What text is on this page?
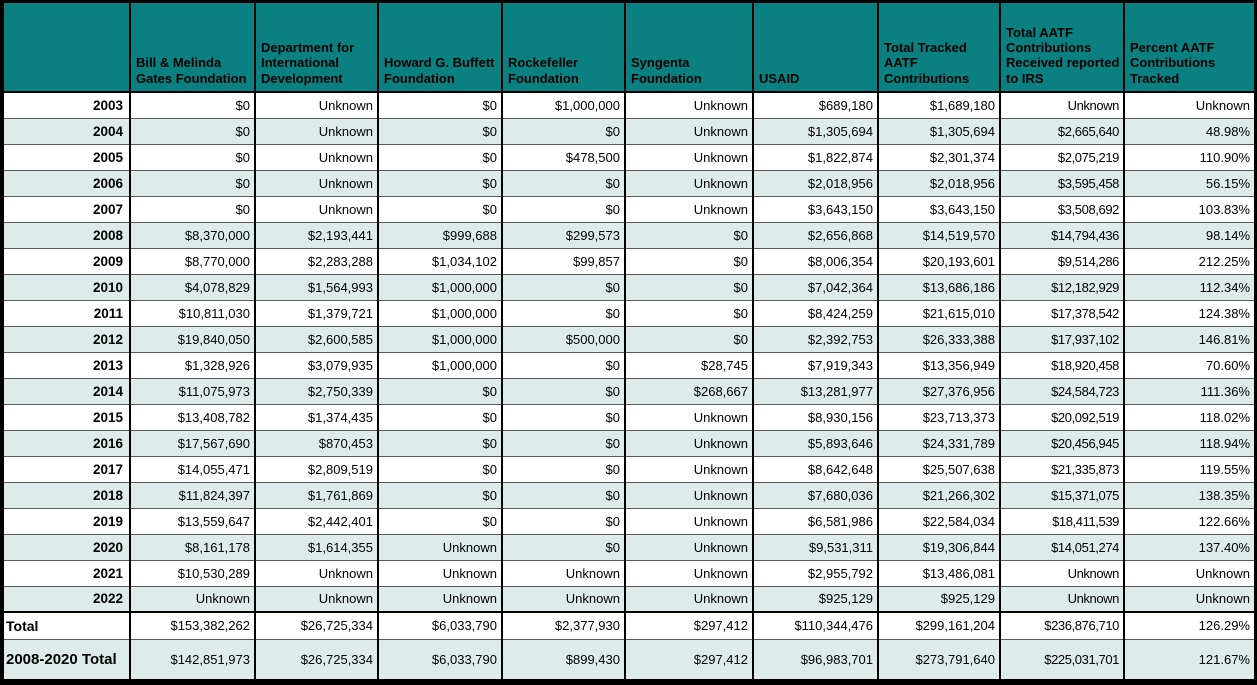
	Bill & Melinda Gates Foundation	Department for International Development	Howard G. Buffett Foundation	Rockefeller Foundation	Syngenta Foundation	USAID	Total Tracked AATF Contributions	Total AATF Contributions Received reported to IRS	Percent AATF Contributions Tracked
2003	$0	Unknown	$0	$1,000,000	Unknown	$689,180	$1,689,180	Unknown	Unknown
2004	$0	Unknown	$0	$0	Unknown	$1,305,694	$1,305,694	$2,665,640	48.98%
2005	$0	Unknown	$0	$478,500	Unknown	$1,822,874	$2,301,374	$2,075,219	110.90%
2006	$0	Unknown	$0	$0	Unknown	$2,018,956	$2,018,956	$3,595,458	56.15%
2007	$0	Unknown	$0	$0	Unknown	$3,643,150	$3,643,150	$3,508,692	103.83%
2008	$8,370,000	$2,193,441	$999,688	$299,573	$0	$2,656,868	$14,519,570	$14,794,436	98.14%
2009	$8,770,000	$2,283,288	$1,034,102	$99,857	$0	$8,006,354	$20,193,601	$9,514,286	212.25%
2010	$4,078,829	$1,564,993	$1,000,000	$0	$0	$7,042,364	$13,686,186	$12,182,929	112.34%
2011	$10,811,030	$1,379,721	$1,000,000	$0	$0	$8,424,259	$21,615,010	$17,378,542	124.38%
2012	$19,840,050	$2,600,585	$1,000,000	$500,000	$0	$2,392,753	$26,333,388	$17,937,102	146.81%
2013	$1,328,926	$3,079,935	$1,000,000	$0	$28,745	$7,919,343	$13,356,949	$18,920,458	70.60%
2014	$11,075,973	$2,750,339	$0	$0	$268,667	$13,281,977	$27,376,956	$24,584,723	111.36%
2015	$13,408,782	$1,374,435	$0	$0	Unknown	$8,930,156	$23,713,373	$20,092,519	118.02%
2016	$17,567,690	$870,453	$0	$0	Unknown	$5,893,646	$24,331,789	$20,456,945	118.94%
2017	$14,055,471	$2,809,519	$0	$0	Unknown	$8,642,648	$25,507,638	$21,335,873	119.55%
2018	$11,824,397	$1,761,869	$0	$0	Unknown	$7,680,036	$21,266,302	$15,371,075	138.35%
2019	$13,559,647	$2,442,401	$0	$0	Unknown	$6,581,986	$22,584,034	$18,411,539	122.66%
2020	$8,161,178	$1,614,355	Unknown	$0	Unknown	$9,531,311	$19,306,844	$14,051,274	137.40%
2021	$10,530,289	Unknown	Unknown	Unknown	Unknown	$2,955,792	$13,486,081	Unknown	Unknown
2022	Unknown	Unknown	Unknown	Unknown	Unknown	$925,129	$925,129	Unknown	Unknown
Total	$153,382,262	$26,725,334	$6,033,790	$2,377,930	$297,412	$110,344,476	$299,161,204	$236,876,710	126.29%
2008-2020 Total	$142,851,973	$26,725,334	$6,033,790	$899,430	$297,412	$96,983,701	$273,791,640	$225,031,701	121.67%
